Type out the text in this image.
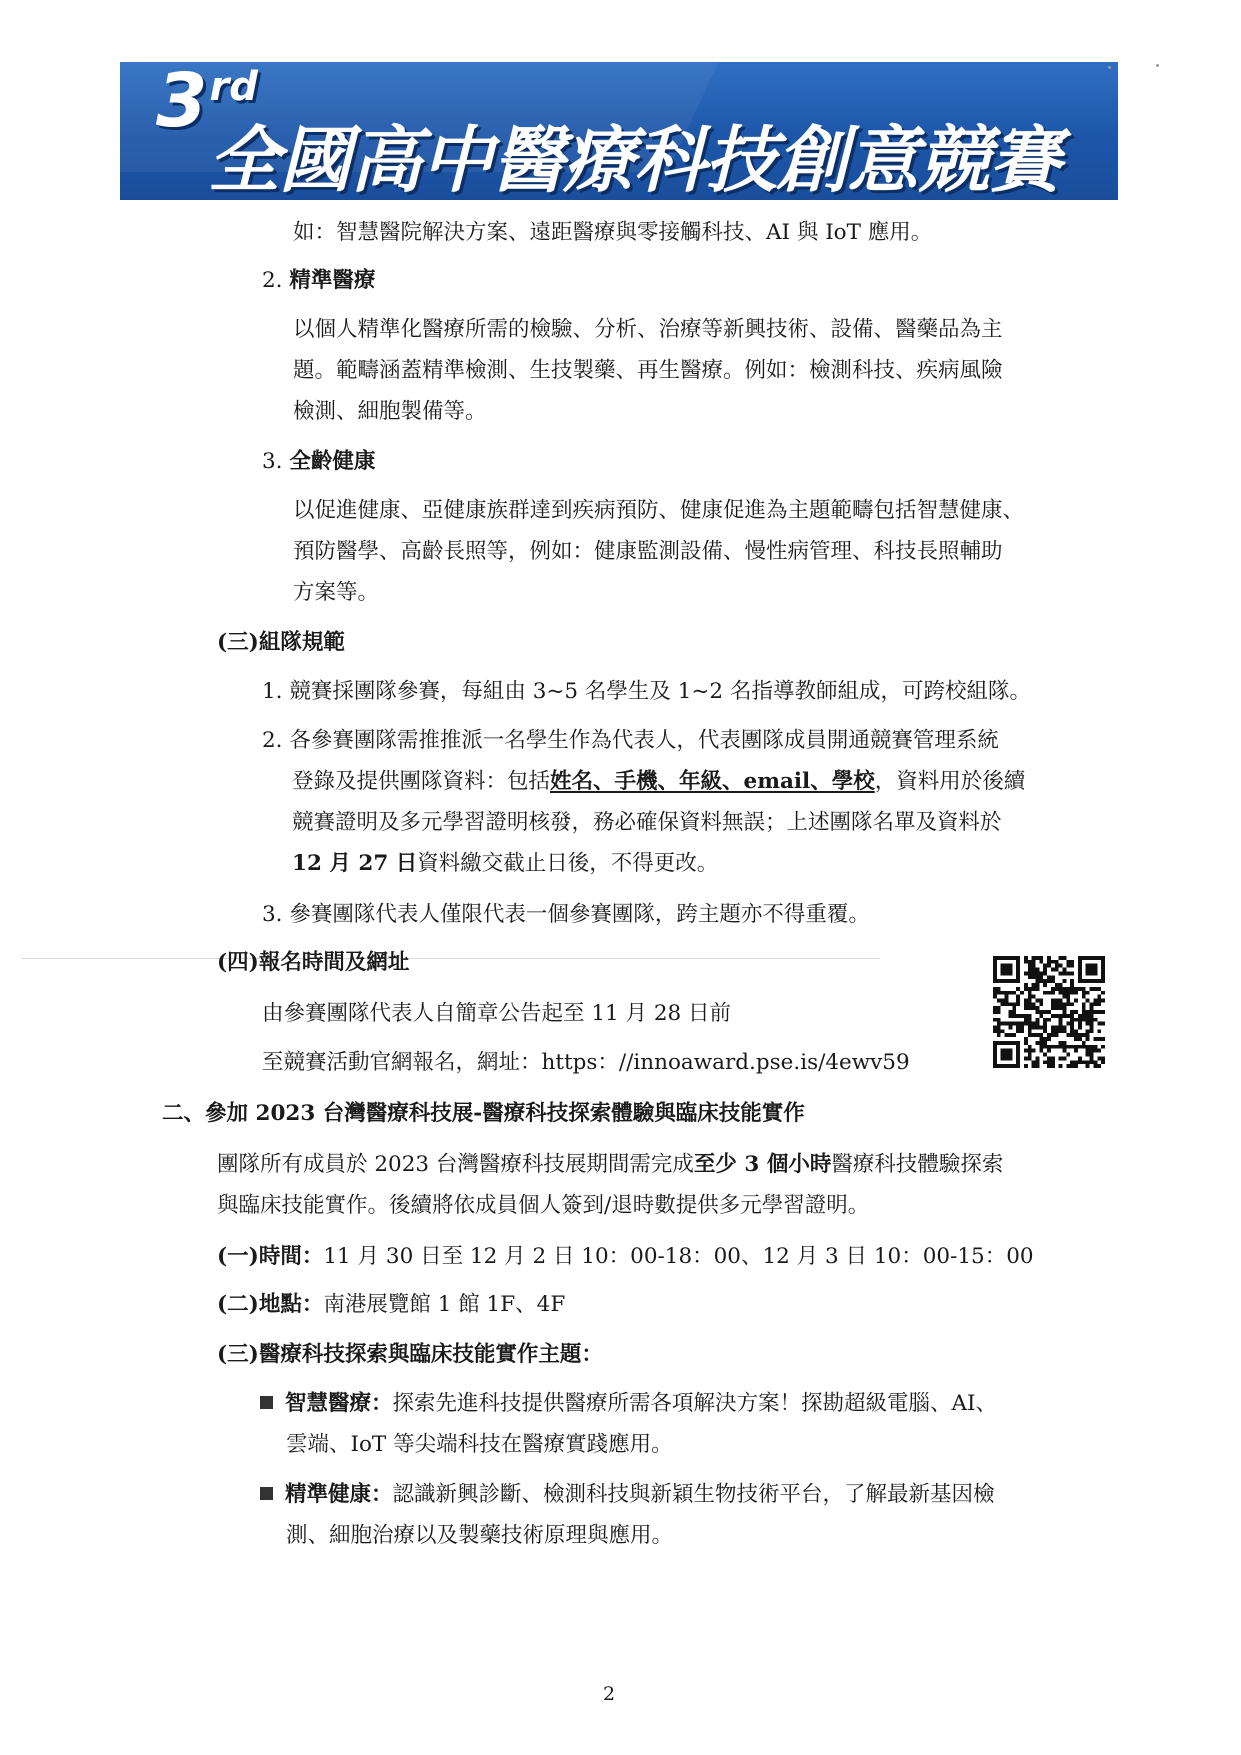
3rd
全國高中醫療科技創意競賽
如：智慧醫院解決方案、遠距醫療與零接觸科技、AI 與 IoT 應用。
2. 精準醫療
以個人精準化醫療所需的檢驗、分析、治療等新興技術、設備、醫藥品為主
題。範疇涵蓋精準檢測、生技製藥、再生醫療。例如：檢測科技、疾病風險
檢測、細胞製備等。
3. 全齡健康
以促進健康、亞健康族群達到疾病預防、健康促進為主題範疇包括智慧健康、
預防醫學、高齡長照等，例如：健康監測設備、慢性病管理、科技長照輔助
方案等。
(三)組隊規範
1. 競賽採團隊參賽，每組由 3~5 名學生及 1~2 名指導教師組成，可跨校組隊。
2. 各參賽團隊需推推派一名學生作為代表人，代表團隊成員開通競賽管理系統
登錄及提供團隊資料：包括姓名、手機、年級、email、學校，資料用於後續
競賽證明及多元學習證明核發，務必確保資料無誤；上述團隊名單及資料於
12 月 27 日資料繳交截止日後，不得更改。
3. 參賽團隊代表人僅限代表一個參賽團隊，跨主題亦不得重覆。
(四)報名時間及網址
由參賽團隊代表人自簡章公告起至 11 月 28 日前
至競賽活動官網報名，網址：https：//innoaward.pse.is/4ewv59
二、參加 2023 台灣醫療科技展-醫療科技探索體驗與臨床技能實作
團隊所有成員於 2023 台灣醫療科技展期間需完成至少 3 個小時醫療科技體驗探索
與臨床技能實作。後續將依成員個人簽到/退時數提供多元學習證明。
(一)時間：11 月 30 日至 12 月 2 日 10：00-18：00、12 月 3 日 10：00-15：00
(二)地點：南港展覽館 1 館 1F、4F
(三)醫療科技探索與臨床技能實作主題：
智慧醫療：探索先進科技提供醫療所需各項解決方案！探勘超級電腦、AI、
雲端、IoT 等尖端科技在醫療實踐應用。
精準健康：認識新興診斷、檢測科技與新穎生物技術平台，了解最新基因檢
測、細胞治療以及製藥技術原理與應用。
2
